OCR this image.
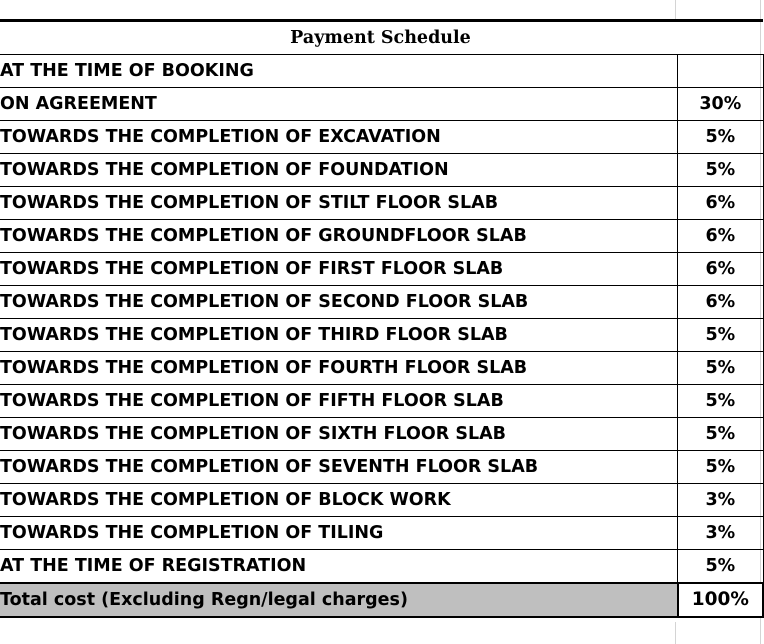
Payment Schedule	
AT THE TIME OF BOOKING	
ON AGREEMENT	30%
TOWARDS THE COMPLETION OF EXCAVATION	5%
TOWARDS THE COMPLETION OF FOUNDATION	5%
TOWARDS THE COMPLETION OF STILT FLOOR SLAB	6%
TOWARDS THE COMPLETION OF GROUNDFLOOR SLAB	6%
TOWARDS THE COMPLETION OF FIRST FLOOR SLAB	6%
TOWARDS THE COMPLETION OF SECOND FLOOR SLAB	6%
TOWARDS THE COMPLETION OF THIRD FLOOR SLAB	5%
TOWARDS THE COMPLETION OF FOURTH FLOOR SLAB	5%
TOWARDS THE COMPLETION OF FIFTH FLOOR SLAB	5%
TOWARDS THE COMPLETION OF SIXTH FLOOR SLAB	5%
TOWARDS THE COMPLETION OF SEVENTH FLOOR SLAB	5%
TOWARDS THE COMPLETION OF BLOCK WORK	3%
TOWARDS THE COMPLETION OF TILING	3%
AT THE TIME OF REGISTRATION	5%
Total cost (Excluding Regn/legal charges)	100%
